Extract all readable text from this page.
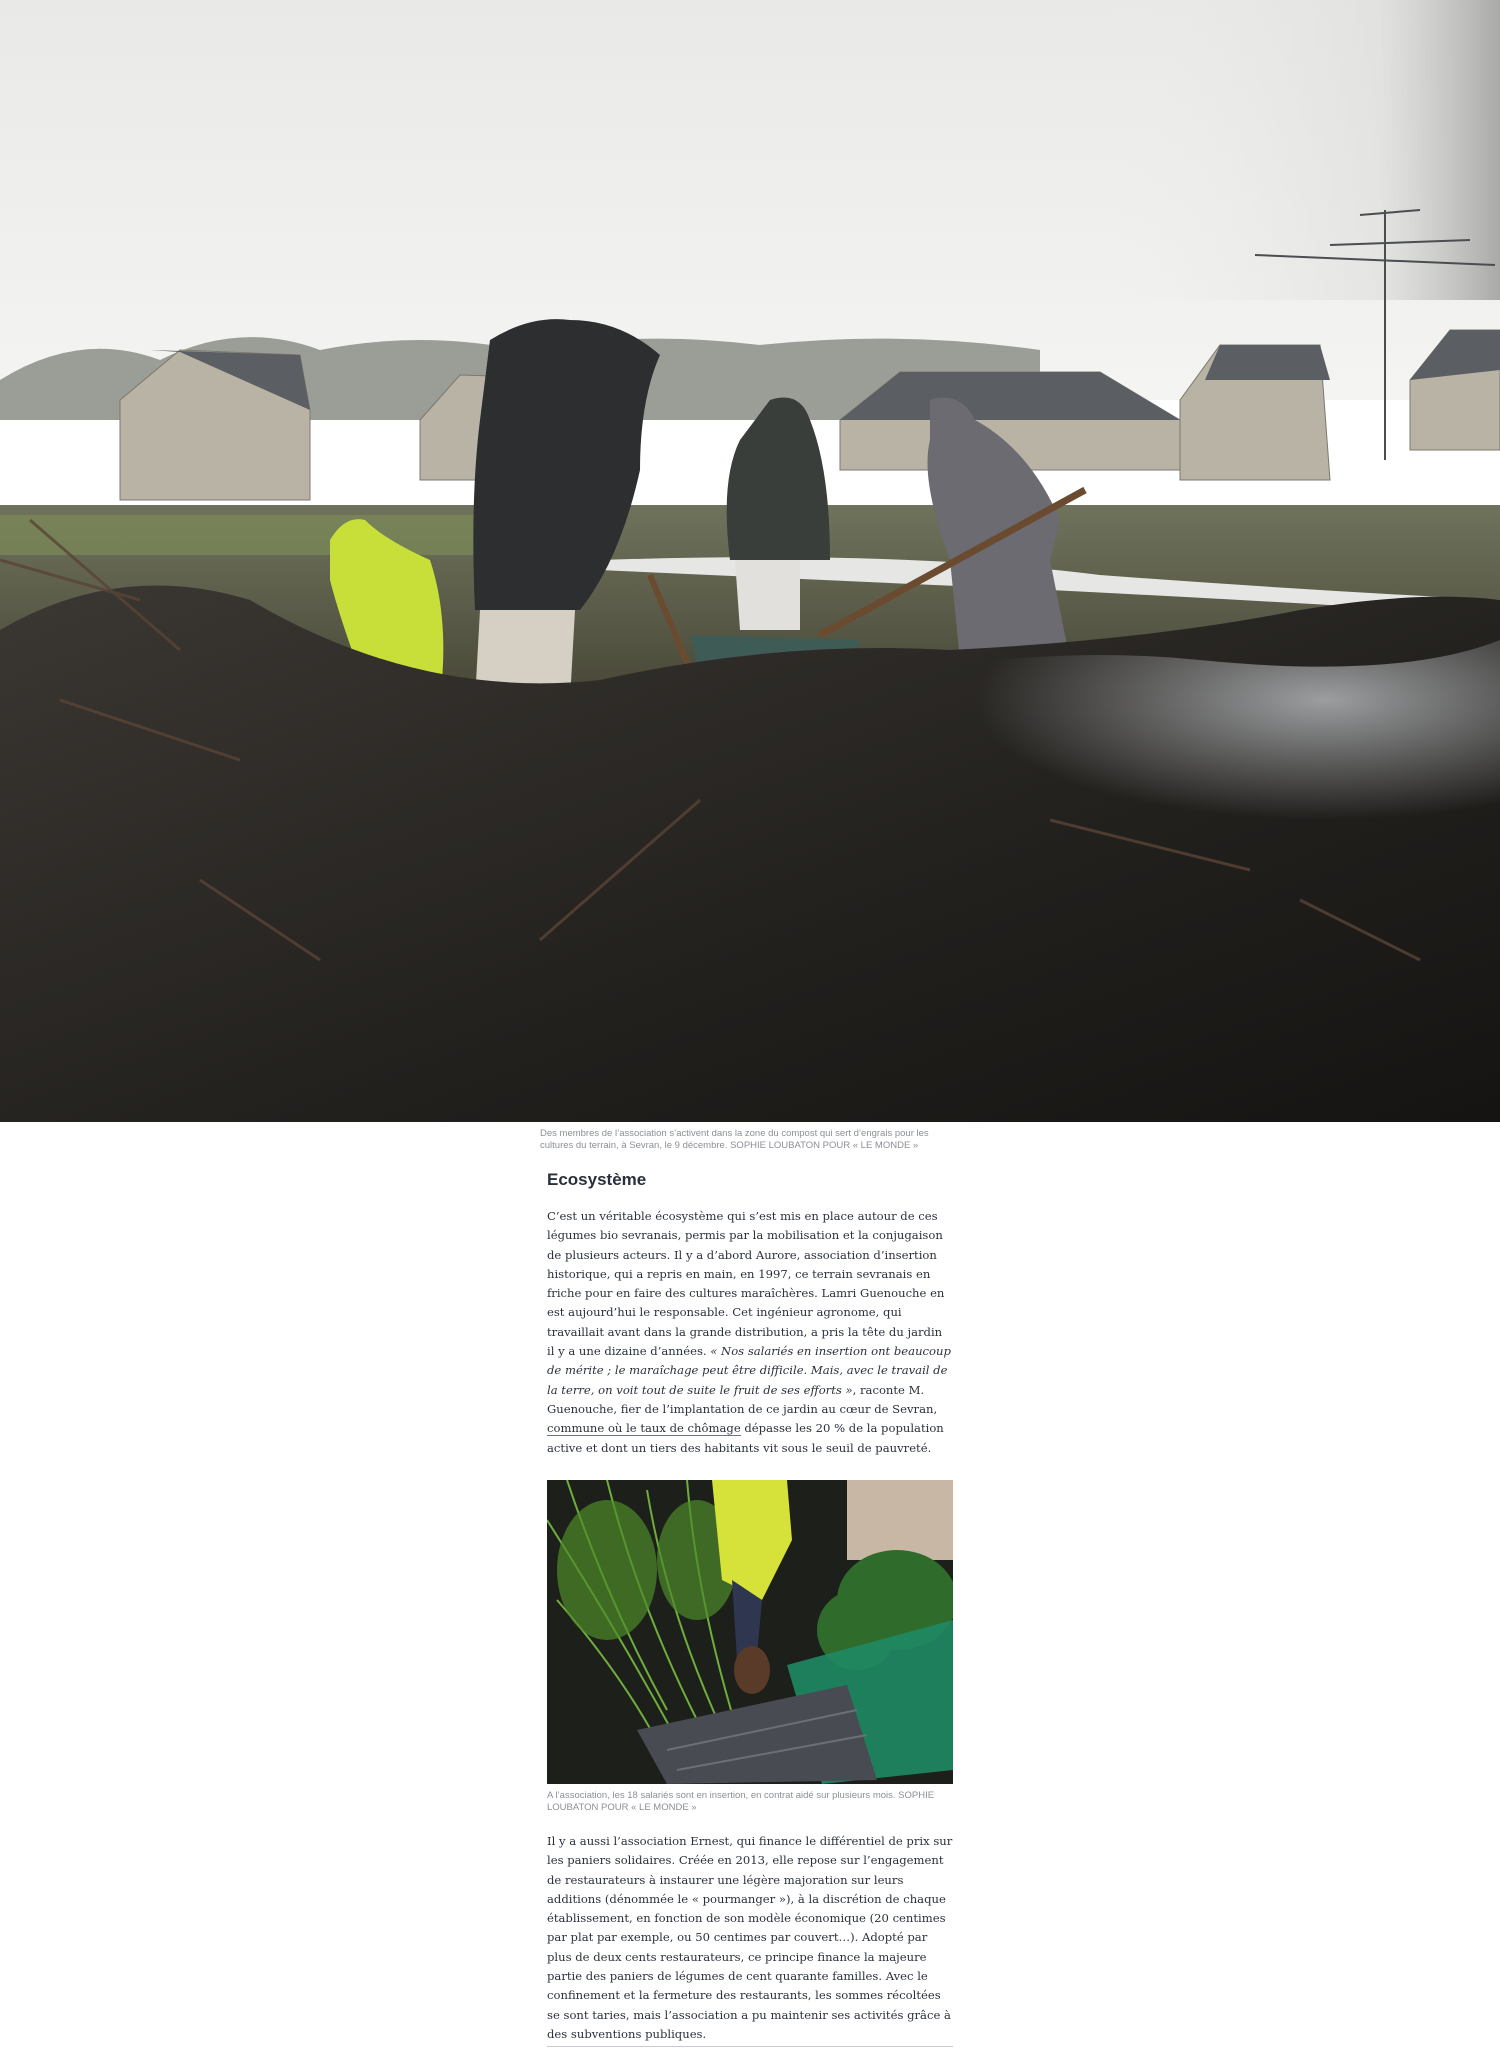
Des membres de l’association s’activent dans la zone du compost qui sert d’engrais pour les cultures du terrain, à Sevran, le 9 décembre. SOPHIE LOUBATON POUR « LE MONDE »
Ecosystème

C’est un véritable écosystème qui s’est mis en place autour de ces légumes bio sevranais, permis par la mobilisation et la conjugaison de plusieurs acteurs. Il y a d’abord Aurore, association d’insertion historique, qui a repris en main, en 1997, ce terrain sevranais en friche pour en faire des cultures maraîchères. Lamri Guenouche en est aujourd’hui le responsable. Cet ingénieur agronome, qui travaillait avant dans la grande distribution, a pris la tête du jardin il y a une dizaine d’années. « Nos salariés en insertion ont beaucoup de mérite ; le maraîchage peut être difficile. Mais, avec le travail de la terre, on voit tout de suite le fruit de ses efforts », raconte M. Guenouche, fier de l’implantation de ce jardin au cœur de Sevran, commune où le taux de chômage dépasse les 20 % de la population active et dont un tiers des habitants vit sous le seuil de pauvreté.

A l’association, les 18 salariés sont en insertion, en contrat aidé sur plusieurs mois. SOPHIE LOUBATON POUR « LE MONDE »

Il y a aussi l’association Ernest, qui finance le différentiel de prix sur les paniers solidaires. Créée en 2013, elle repose sur l’engagement de restaurateurs à instaurer une légère majoration sur leurs additions (dénommée le « pourmanger »), à la discrétion de chaque établissement, en fonction de son modèle économique (20 centimes par plat par exemple, ou 50 centimes par couvert…). Adopté par plus de deux cents restaurateurs, ce principe finance la majeure partie des paniers de légumes de cent quarante familles. Avec le confinement et la fermeture des restaurants, les sommes récoltées se sont taries, mais l’association a pu maintenir ses activités grâce à des subventions publiques.
